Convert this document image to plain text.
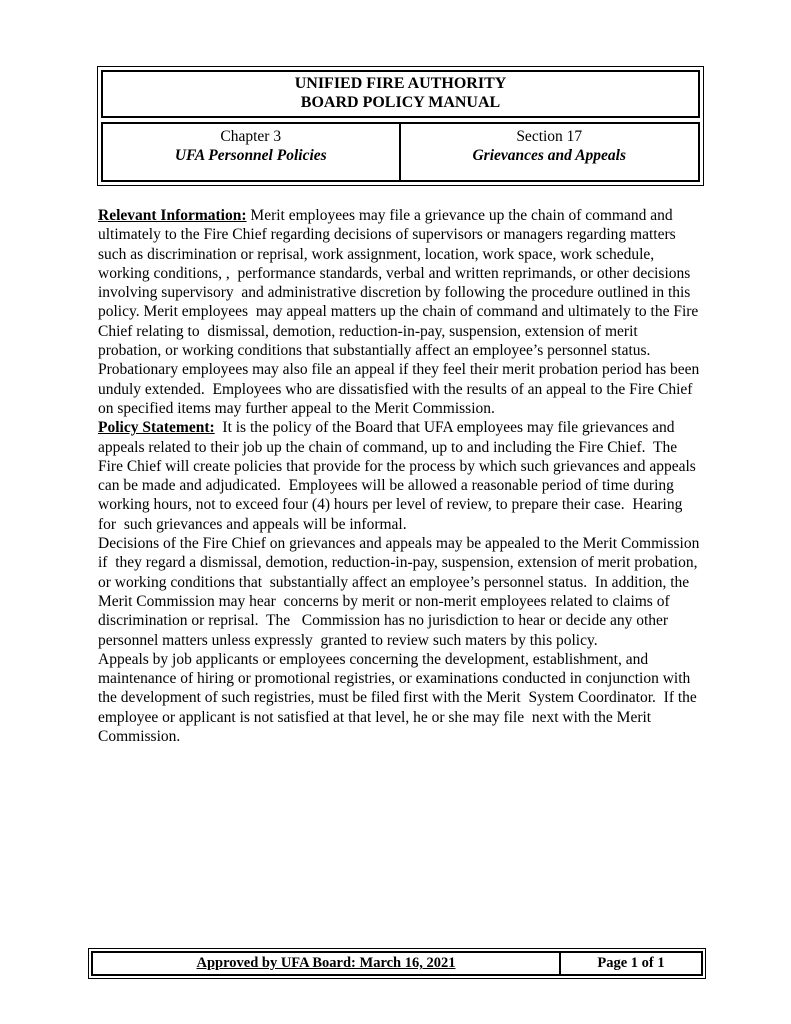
UNIFIED FIRE AUTHORITY
BOARD POLICY MANUAL
Chapter 3
UFA Personnel Policies
Section 17
Grievances and Appeals

Relevant Information: Merit employees may file a grievance up the chain of command and ultimately to the Fire Chief regarding decisions of supervisors or managers regarding matters such as discrimination or reprisal, work assignment, location, work space, work schedule, working conditions, ,  performance standards, verbal and written reprimands, or other decisions involving supervisory  and administrative discretion by following the procedure outlined in this policy. Merit employees  may appeal matters up the chain of command and ultimately to the Fire Chief relating to  dismissal, demotion, reduction-in-pay, suspension, extension of merit probation, or working conditions that substantially affect an employee’s personnel status.  Probationary employees may also file an appeal if they feel their merit probation period has been unduly extended.  Employees who are dissatisfied with the results of an appeal to the Fire Chief on specified items may further appeal to the Merit Commission.

Policy Statement:  It is the policy of the Board that UFA employees may file grievances and appeals related to their job up the chain of command, up to and including the Fire Chief.  The Fire Chief will create policies that provide for the process by which such grievances and appeals  can be made and adjudicated.  Employees will be allowed a reasonable period of time during  working hours, not to exceed four (4) hours per level of review, to prepare their case.  Hearing for  such grievances and appeals will be informal.

Decisions of the Fire Chief on grievances and appeals may be appealed to the Merit Commission if  they regard a dismissal, demotion, reduction-in-pay, suspension, extension of merit probation, or working conditions that  substantially affect an employee’s personnel status.  In addition, the Merit Commission may hear  concerns by merit or non-merit employees related to claims of discrimination or reprisal.  The   Commission has no jurisdiction to hear or decide any other personnel matters unless expressly  granted to review such maters by this policy.

Appeals by job applicants or employees concerning the development, establishment, and maintenance of hiring or promotional registries, or examinations conducted in conjunction with the development of such registries, must be filed first with the Merit  System Coordinator.  If the employee or applicant is not satisfied at that level, he or she may file  next with the Merit Commission.

Approved by UFA Board: March 16, 2021	Page 1 of 1
